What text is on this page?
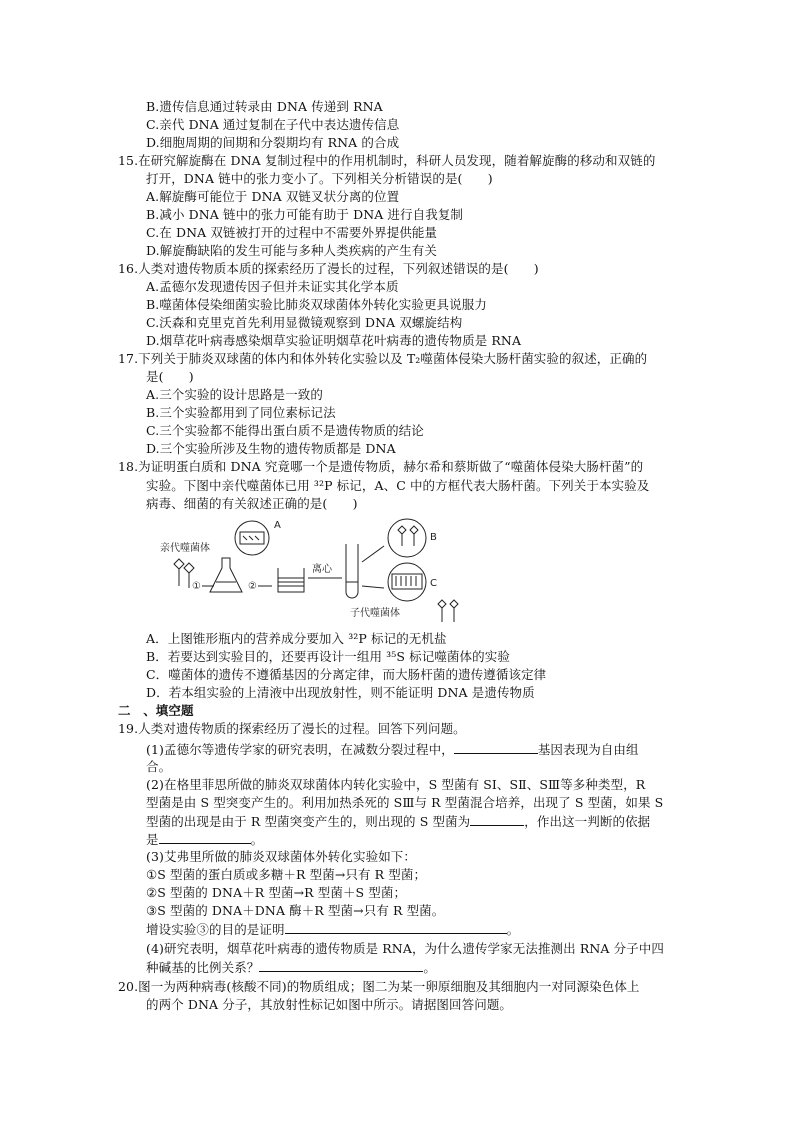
B.遗传信息通过转录由 DNA 传递到 RNA
C.亲代 DNA 通过复制在子代中表达遗传信息
D.细胞周期的间期和分裂期均有 RNA 的合成
15.在研究解旋酶在 DNA 复制过程中的作用机制时，科研人员发现，随着解旋酶的移动和双链的
打开，DNA 链中的张力变小了。下列相关分析错误的是(　　)
A.解旋酶可能位于 DNA 双链叉状分离的位置
B.减小 DNA 链中的张力可能有助于 DNA 进行自我复制
C.在 DNA 双链被打开的过程中不需要外界提供能量
D.解旋酶缺陷的发生可能与多种人类疾病的产生有关
16.人类对遗传物质本质的探索经历了漫长的过程，下列叙述错误的是(　　)
A.孟德尔发现遗传因子但并未证实其化学本质
B.噬菌体侵染细菌实验比肺炎双球菌体外转化实验更具说服力
C.沃森和克里克首先利用显微镜观察到 DNA 双螺旋结构
D.烟草花叶病毒感染烟草实验证明烟草花叶病毒的遗传物质是 RNA
17.下列关于肺炎双球菌的体内和体外转化实验以及 T₂噬菌体侵染大肠杆菌实验的叙述，正确的
是(　　)
A.三个实验的设计思路是一致的
B.三个实验都用到了同位素标记法
C.三个实验都不能得出蛋白质不是遗传物质的结论
D.三个实验所涉及生物的遗传物质都是 DNA
18.为证明蛋白质和 DNA 究竟哪一个是遗传物质，赫尔希和蔡斯做了“噬菌体侵染大肠杆菌”的
实验。下图中亲代噬菌体已用 ³²P 标记，A、C 中的方框代表大肠杆菌。下列关于本实验及
病毒、细菌的有关叙述正确的是(　　)
亲代噬菌体
①	②
A
离心
B
C
子代噬菌体
A．上图锥形瓶内的营养成分要加入 ³²P 标记的无机盐
B．若要达到实验目的，还要再设计一组用 ³⁵S 标记噬菌体的实验
C．噬菌体的遗传不遵循基因的分离定律，而大肠杆菌的遗传遵循该定律
D．若本组实验的上清液中出现放射性，则不能证明 DNA 是遗传物质
二　、填空题
19.人类对遗传物质的探索经历了漫长的过程。回答下列问题。
(1)孟德尔等遗传学家的研究表明，在减数分裂过程中，	基因表现为自由组
合。
(2)在格里菲思所做的肺炎双球菌体内转化实验中，S 型菌有 SⅠ、SⅡ、SⅢ等多种类型，R
型菌是由 S 型突变产生的。利用加热杀死的 SⅢ与 R 型菌混合培养，出现了 S 型菌，如果 S
型菌的出现是由于 R 型菌突变产生的，则出现的 S 型菌为	，作出这一判断的依据
是	。
(3)艾弗里所做的肺炎双球菌体外转化实验如下：
①S 型菌的蛋白质或多糖＋R 型菌→只有 R 型菌；
②S 型菌的 DNA＋R 型菌→R 型菌＋S 型菌；
③S 型菌的 DNA＋DNA 酶＋R 型菌→只有 R 型菌。
增设实验③的目的是证明	。
(4)研究表明，烟草花叶病毒的遗传物质是 RNA，为什么遗传学家无法推测出 RNA 分子中四
种碱基的比例关系？	。
20.图一为两种病毒(核酸不同)的物质组成；图二为某一卵原细胞及其细胞内一对同源染色体上
的两个 DNA 分子，其放射性标记如图中所示。请据图回答问题。
